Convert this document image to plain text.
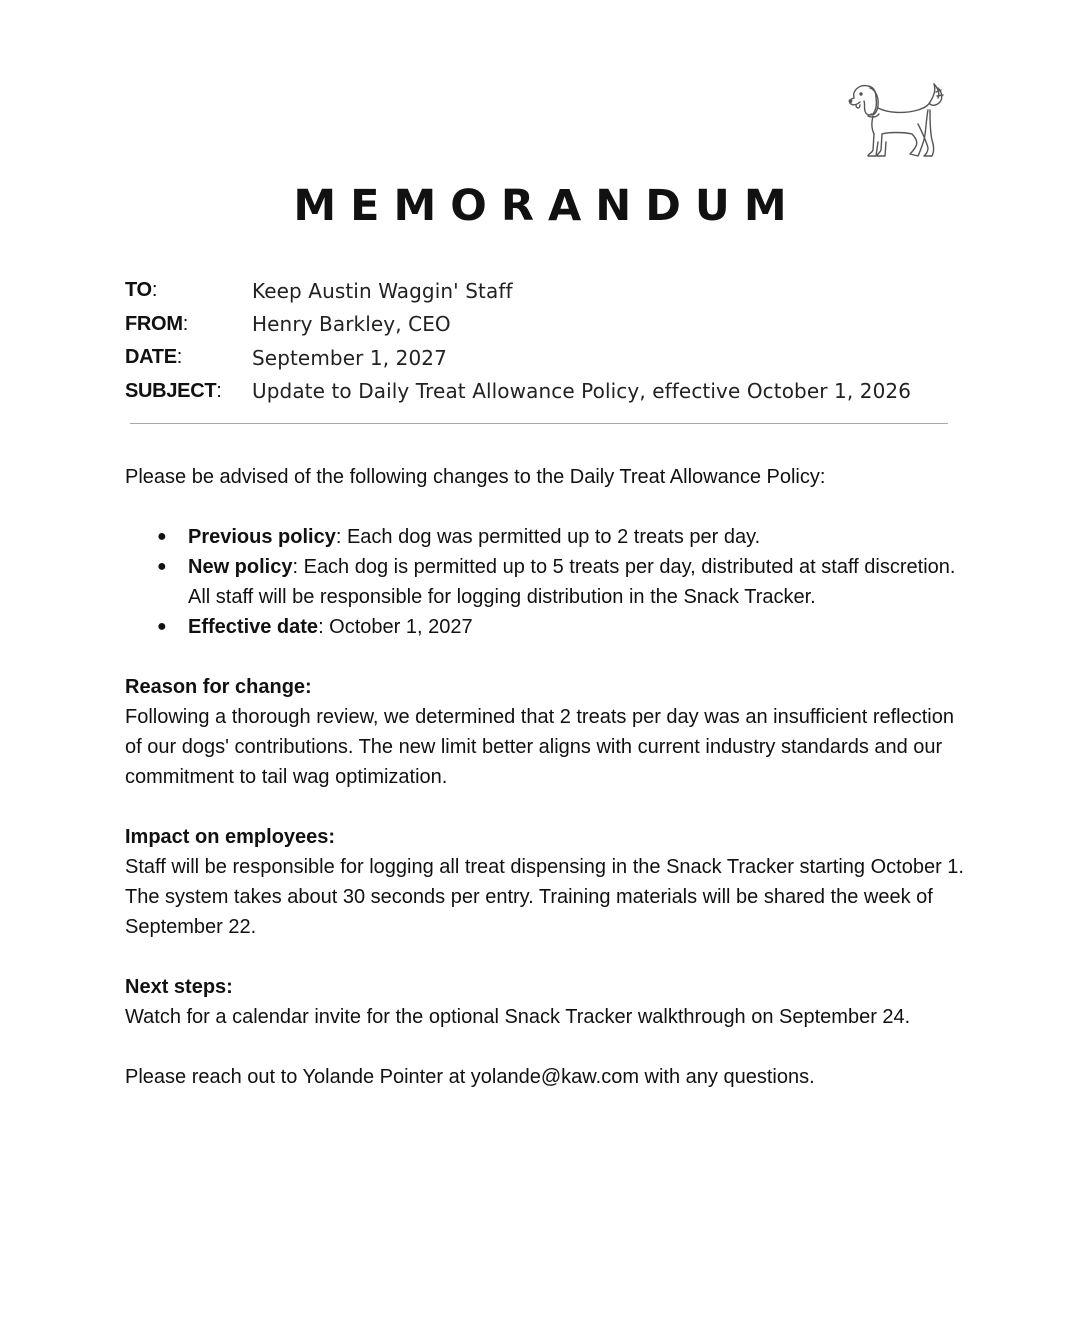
MEMORANDUM
TO:	Keep Austin Waggin' Staff
FROM:	Henry Barkley, CEO
DATE:	September 1, 2027
SUBJECT:	Update to Daily Treat Allowance Policy, effective October 1, 2026

Please be advised of the following changes to the Daily Treat Allowance Policy:

● Previous policy: Each dog was permitted up to 2 treats per day.
● New policy: Each dog is permitted up to 5 treats per day, distributed at staff discretion. All staff will be responsible for logging distribution in the Snack Tracker.
● Effective date: October 1, 2027

Reason for change:

Following a thorough review, we determined that 2 treats per day was an insufficient reflection of our dogs' contributions. The new limit better aligns with current industry standards and our commitment to tail wag optimization.

Impact on employees:

Staff will be responsible for logging all treat dispensing in the Snack Tracker starting October 1. The system takes about 30 seconds per entry. Training materials will be shared the week of September 22.

Next steps:

Watch for a calendar invite for the optional Snack Tracker walkthrough on September 24.

Please reach out to Yolande Pointer at yolande@kaw.com with any questions.
